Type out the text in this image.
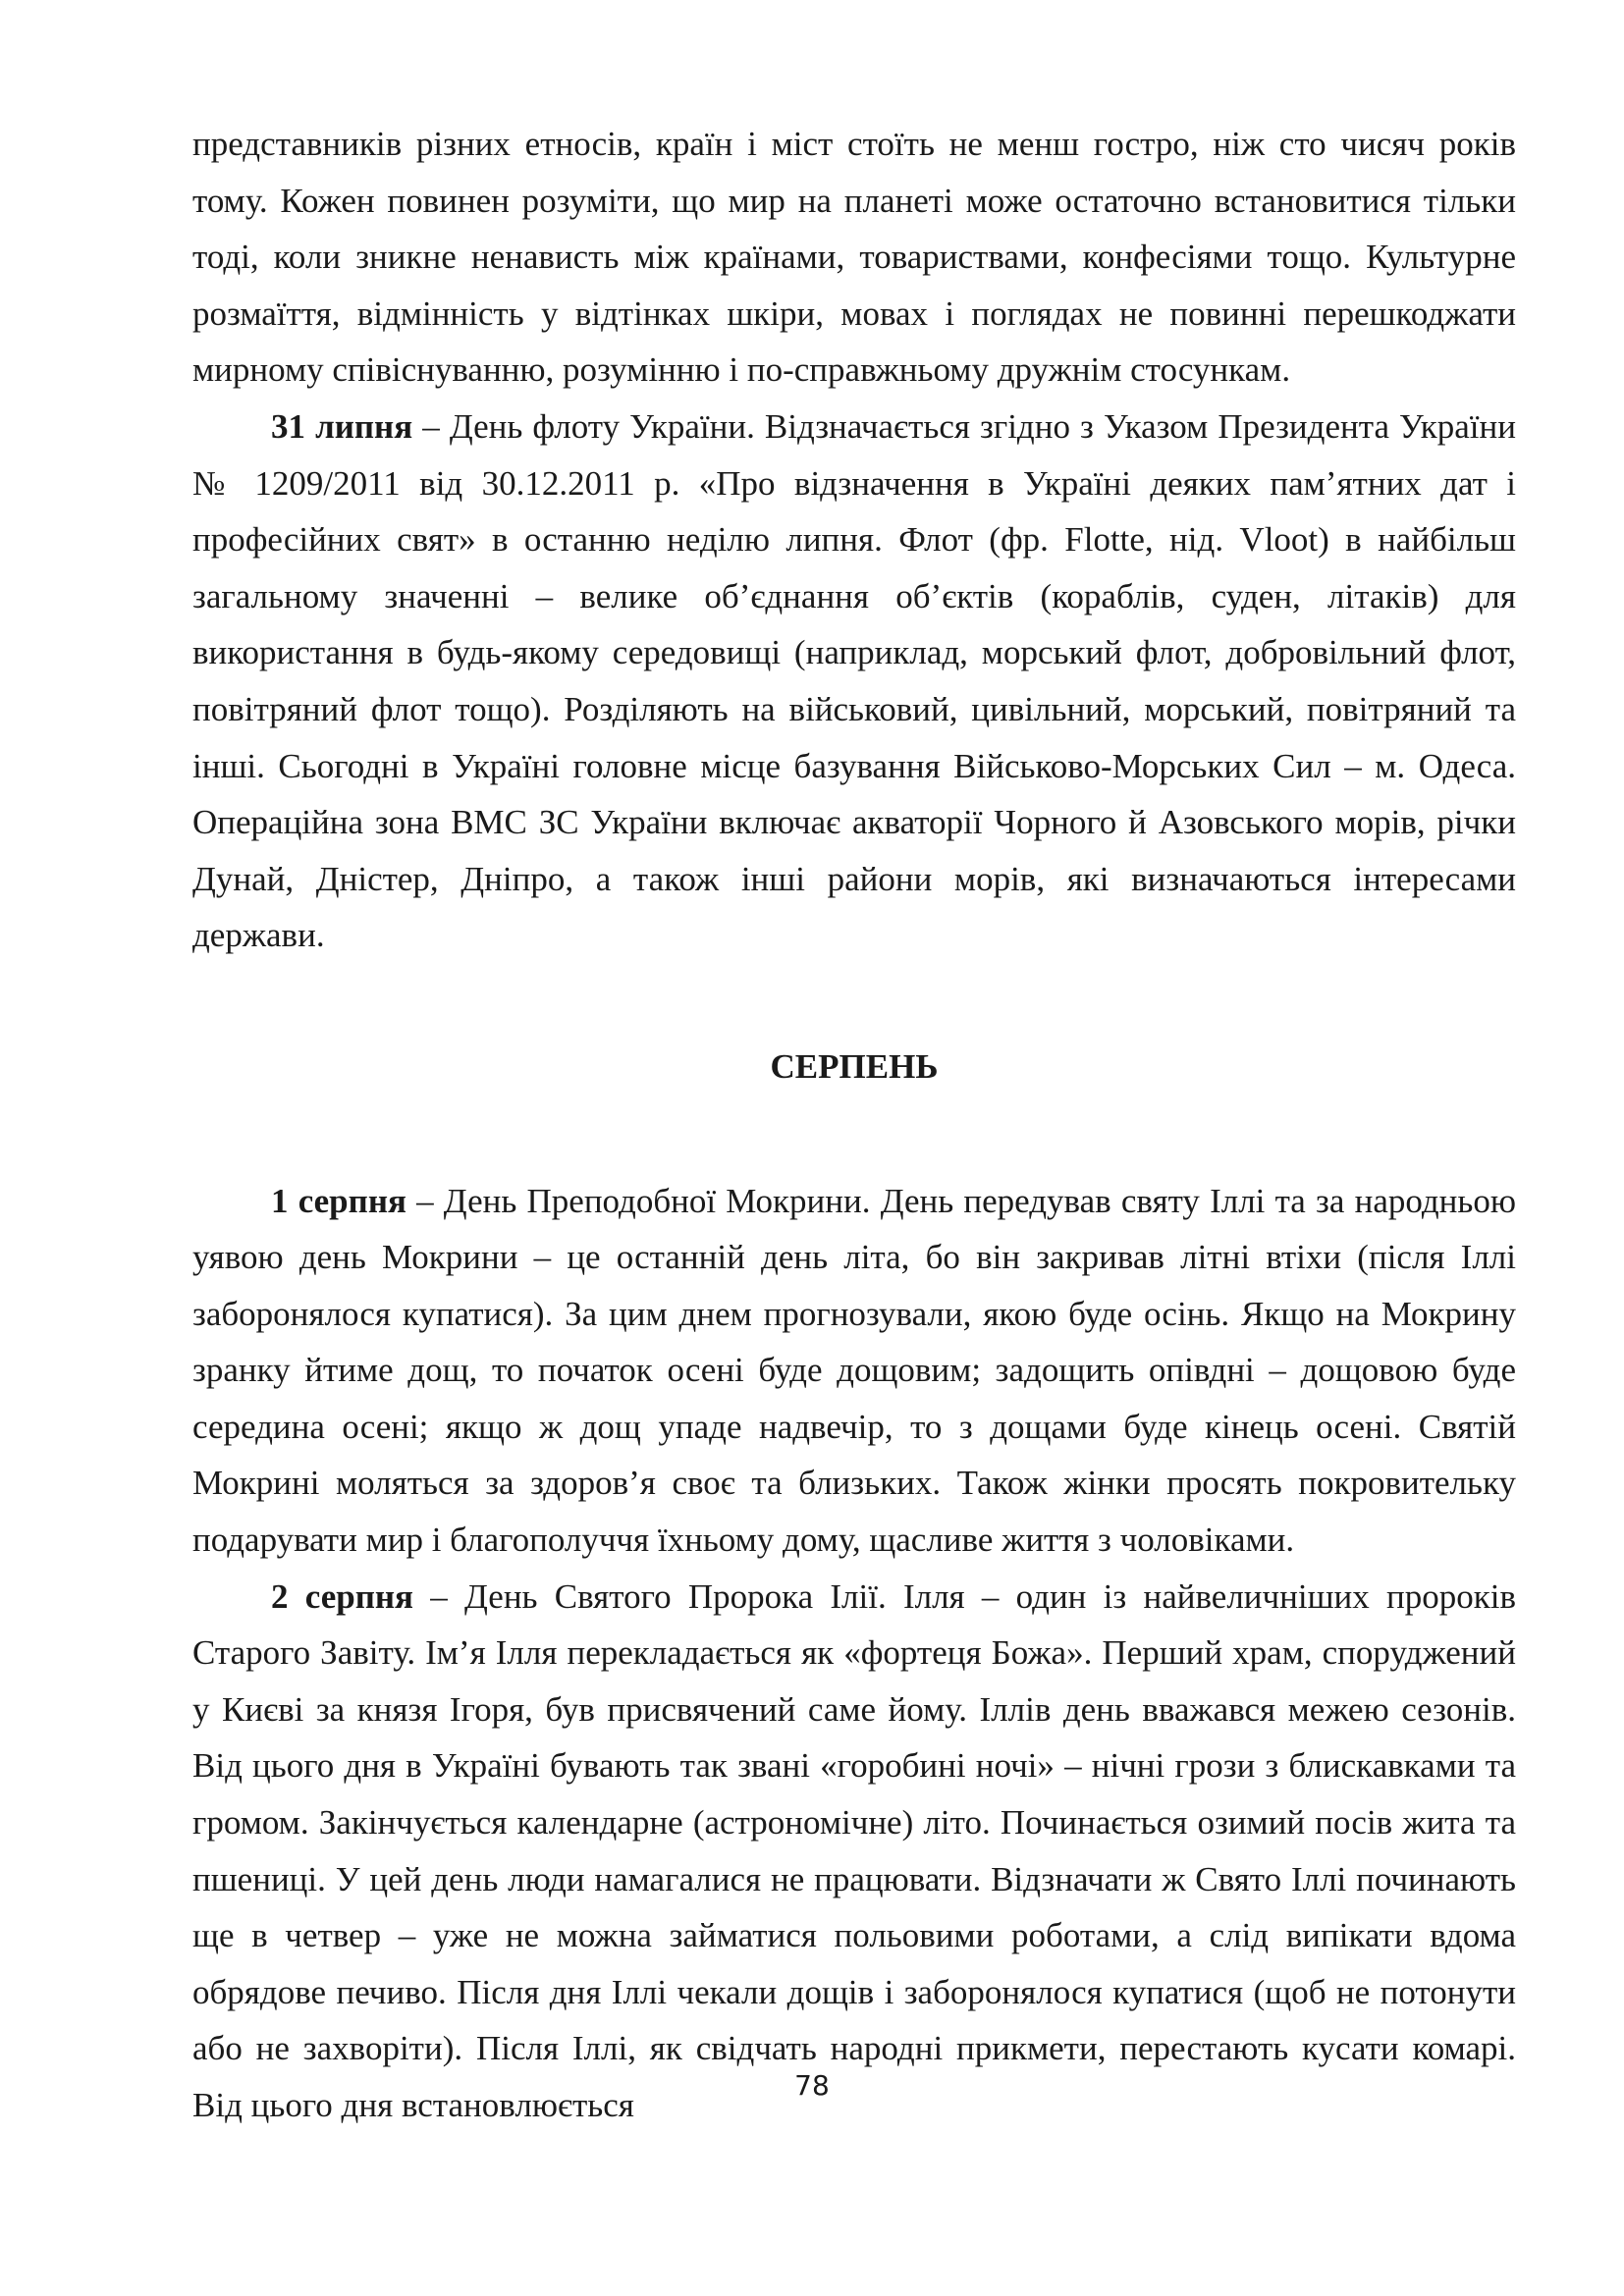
представників різних етносів, країн і міст стоїть не менш гостро, ніж сто чисяч років тому. Кожен повинен розуміти, що мир на планеті може остаточно встановитися тільки тоді, коли зникне ненависть між країнами, товариствами, конфесіями тощо. Культурне розмаїття, відмінність у відтінках шкіри, мовах і поглядах не повинні перешкоджати мирному співіснуванню, розумінню і по-справжньому дружнім стосункам.

31 липня – День флоту України. Відзначається згідно з Указом Президента України № 1209/2011 від 30.12.2011 р. «Про відзначення в Україні деяких пам’ятних дат і професійних свят» в останню неділю липня. Флот (фр. Flotte, нід. Vloot) в найбільш загальному значенні – велике об’єднання об’єктів (кораблів, суден, літаків) для використання в будь-якому середовищі (наприклад, морський флот, добровільний флот, повітряний флот тощо). Розділяють на військовий, цивільний, морський, повітряний та інші. Сьогодні в Україні головне місце базування Військово-Морських Сил – м. Одеса. Операційна зона ВМС ЗС України включає акваторії Чорного й Азовського морів, річки Дунай, Дністер, Дніпро, а також інші райони морів, які визначаються інтересами держави.

СЕРПЕНЬ

1 серпня – День Преподобної Мокрини. День передував святу Іллі та за народньою уявою день Мокрини – це останній день літа, бо він закривав літні втіхи (після Іллі заборонялося купатися). За цим днем прогнозували, якою буде осінь. Якщо на Мокрину зранку йтиме дощ, то початок осені буде дощовим; задощить опівдні – дощовою буде середина осені; якщо ж дощ упаде надвечір, то з дощами буде кінець осені. Святій Мокрині моляться за здоров’я своє та близьких. Також жінки просять покровительку подарувати мир і благополуччя їхньому дому, щасливе життя з чоловіками.

2 серпня – День Святого Пророка Ілії. Ілля – один із найвеличніших пророків Старого Завіту. Ім’я Ілля перекладається як «фортеця Божа». Перший храм, споруджений у Києві за князя Ігоря, був присвячений саме йому. Іллів день вважався межею сезонів. Від цього дня в Україні бувають так звані «горобині ночі» – нічні грози з блискавками та громом. Закінчується календарне (астрономічне) літо. Починається озимий посів жита та пшениці. У цей день люди намагалися не працювати. Відзначати ж Свято Іллі починають ще в четвер – уже не можна займатися польовими роботами, а слід випікати вдома обрядове печиво. Після дня Іллі чекали дощів і заборонялося купатися (щоб не потонути або не захворіти). Після Іллі, як свідчать народні прикмети, перестають кусати комарі. Від цього дня встановлюється

78
